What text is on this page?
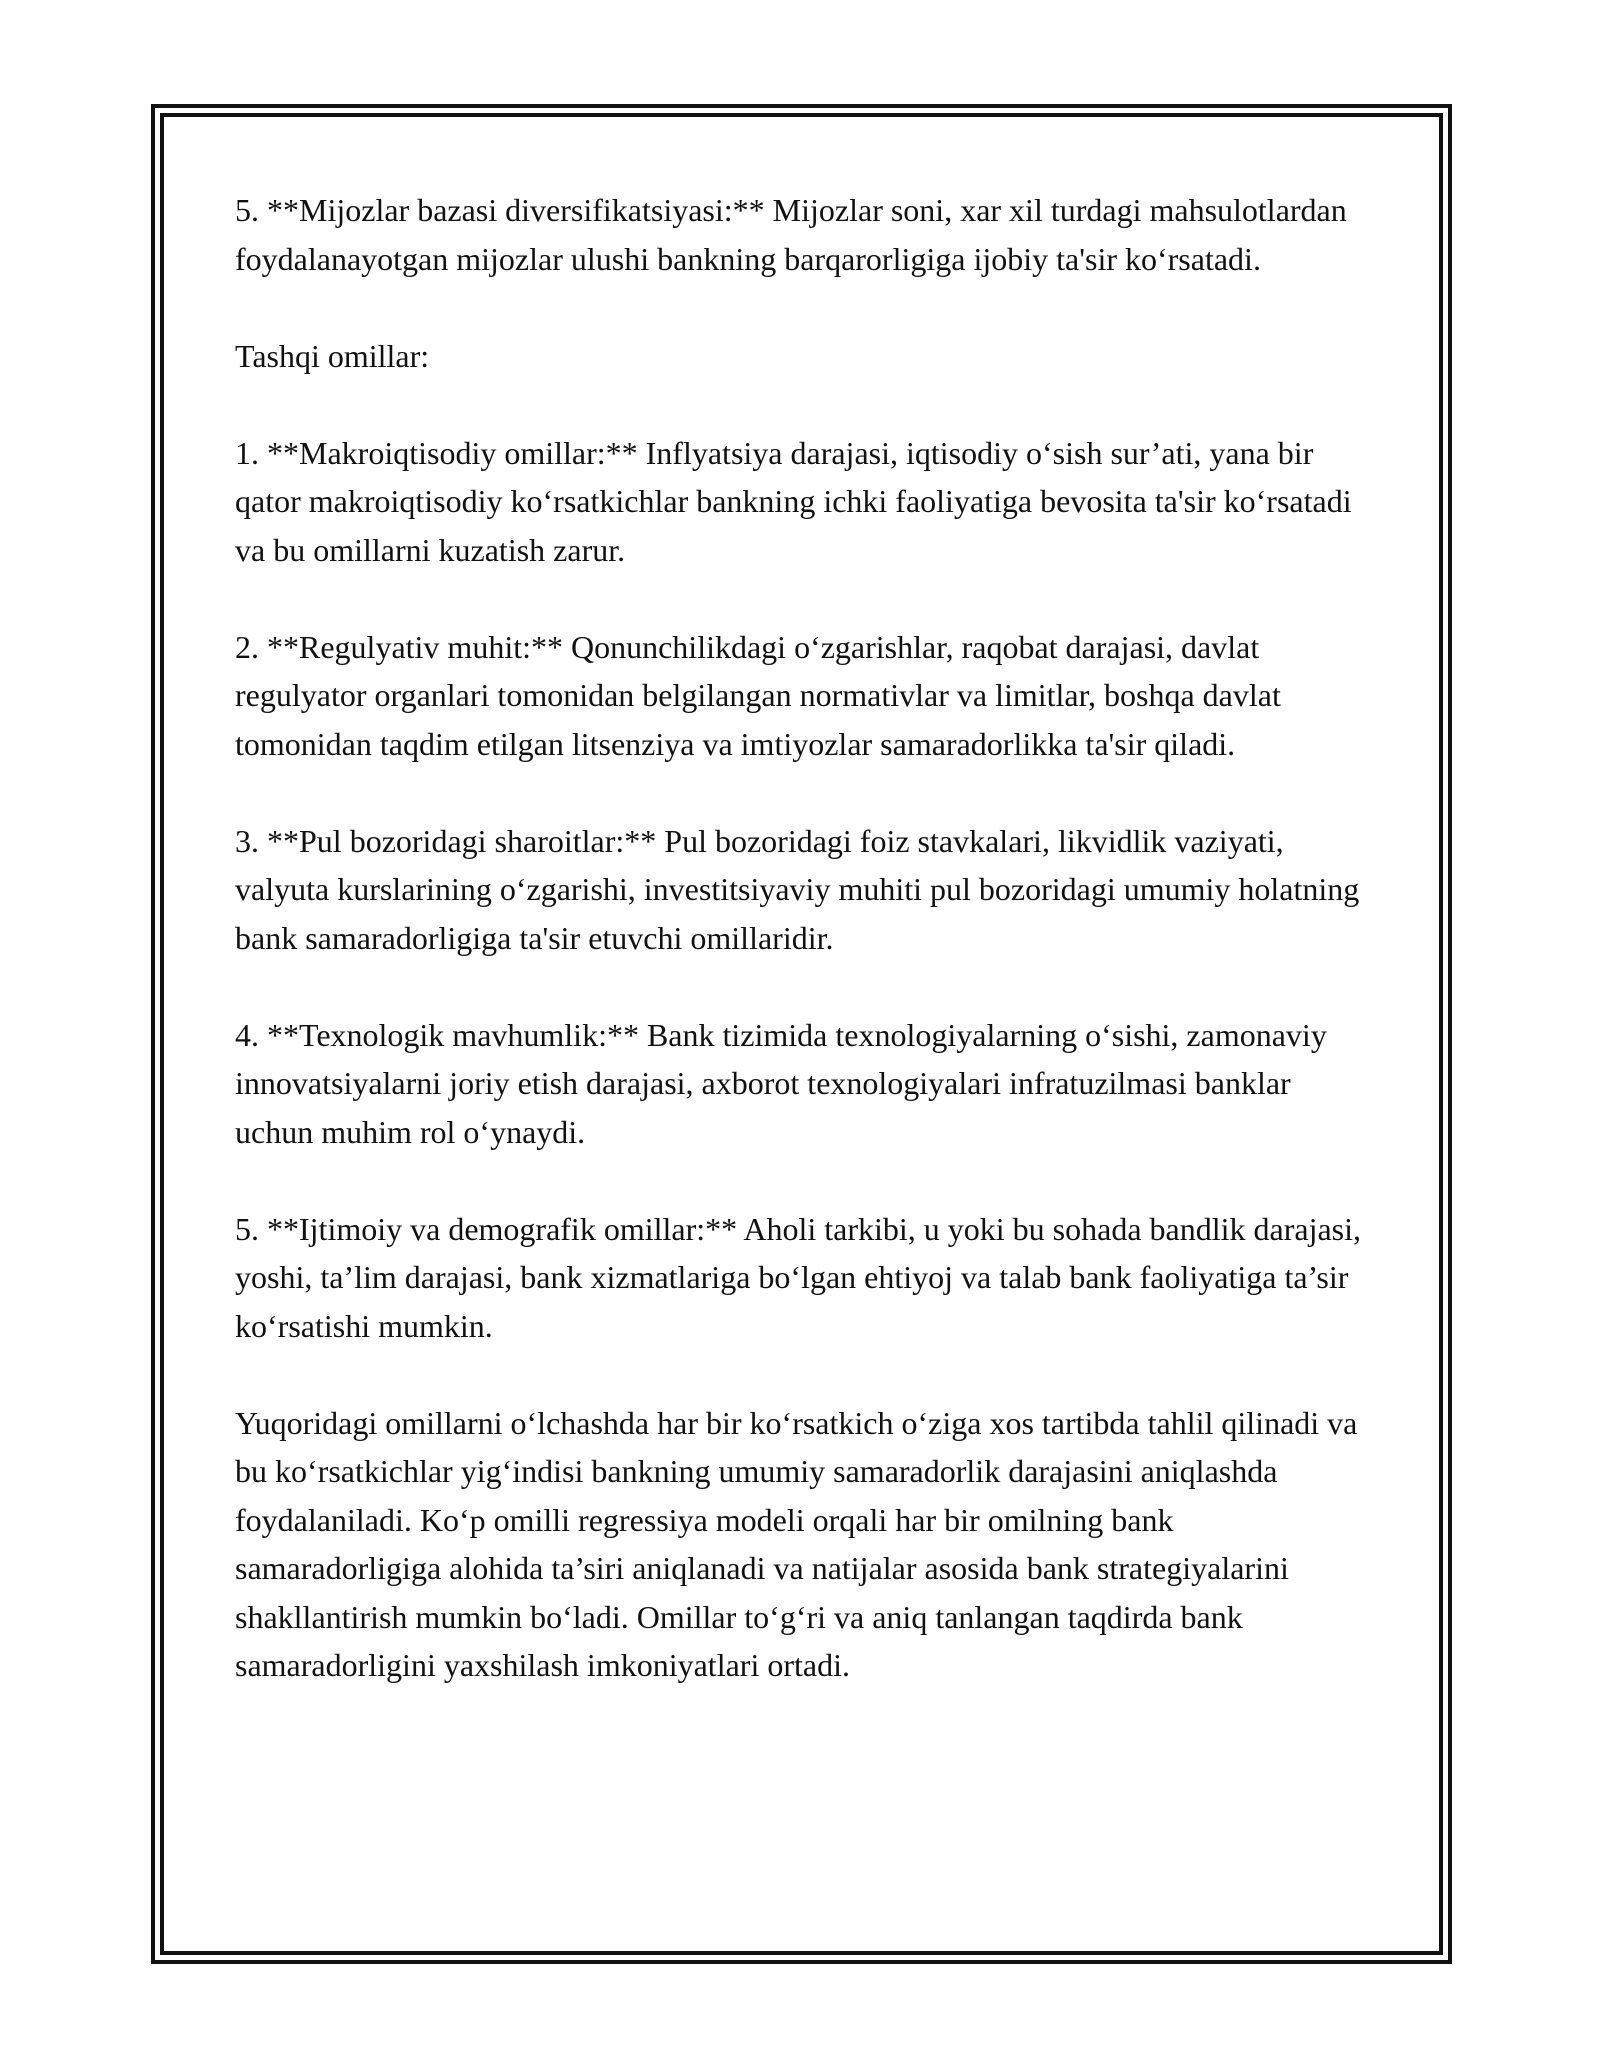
5. **Mijozlar bazasi diversifikatsiyasi:** Mijozlar soni, xar xil turdagi mahsulotlardan foydalanayotgan mijozlar ulushi bankning barqarorligiga ijobiy ta'sir ko‘rsatadi.

Tashqi omillar:

1. **Makroiqtisodiy omillar:** Inflyatsiya darajasi, iqtisodiy o‘sish sur’ati, yana bir qator makroiqtisodiy ko‘rsatkichlar bankning ichki faoliyatiga bevosita ta'sir ko‘rsatadi va bu omillarni kuzatish zarur.

2. **Regulyativ muhit:** Qonunchilikdagi o‘zgarishlar, raqobat darajasi, davlat regulyator organlari tomonidan belgilangan normativlar va limitlar, boshqa davlat tomonidan taqdim etilgan litsenziya va imtiyozlar samaradorlikka ta'sir qiladi.

3. **Pul bozoridagi sharoitlar:** Pul bozoridagi foiz stavkalari, likvidlik vaziyati, valyuta kurslarining o‘zgarishi, investitsiyaviy muhiti pul bozoridagi umumiy holatning bank samaradorligiga ta'sir etuvchi omillaridir.

4. **Texnologik mavhumlik:** Bank tizimida texnologiyalarning o‘sishi, zamonaviy innovatsiyalarni joriy etish darajasi, axborot texnologiyalari infratuzilmasi banklar uchun muhim rol o‘ynaydi.

5. **Ijtimoiy va demografik omillar:** Aholi tarkibi, u yoki bu sohada bandlik darajasi, yoshi, ta’lim darajasi, bank xizmatlariga bo‘lgan ehtiyoj va talab bank faoliyatiga ta’sir ko‘rsatishi mumkin.

Yuqoridagi omillarni o‘lchashda har bir ko‘rsatkich o‘ziga xos tartibda tahlil qilinadi va bu ko‘rsatkichlar yig‘indisi bankning umumiy samaradorlik darajasini aniqlashda foydalaniladi. Ko‘p omilli regressiya modeli orqali har bir omilning bank samaradorligiga alohida ta’siri aniqlanadi va natijalar asosida bank strategiyalarini shakllantirish mumkin bo‘ladi. Omillar to‘g‘ri va aniq tanlangan taqdirda bank samaradorligini yaxshilash imkoniyatlari ortadi.
